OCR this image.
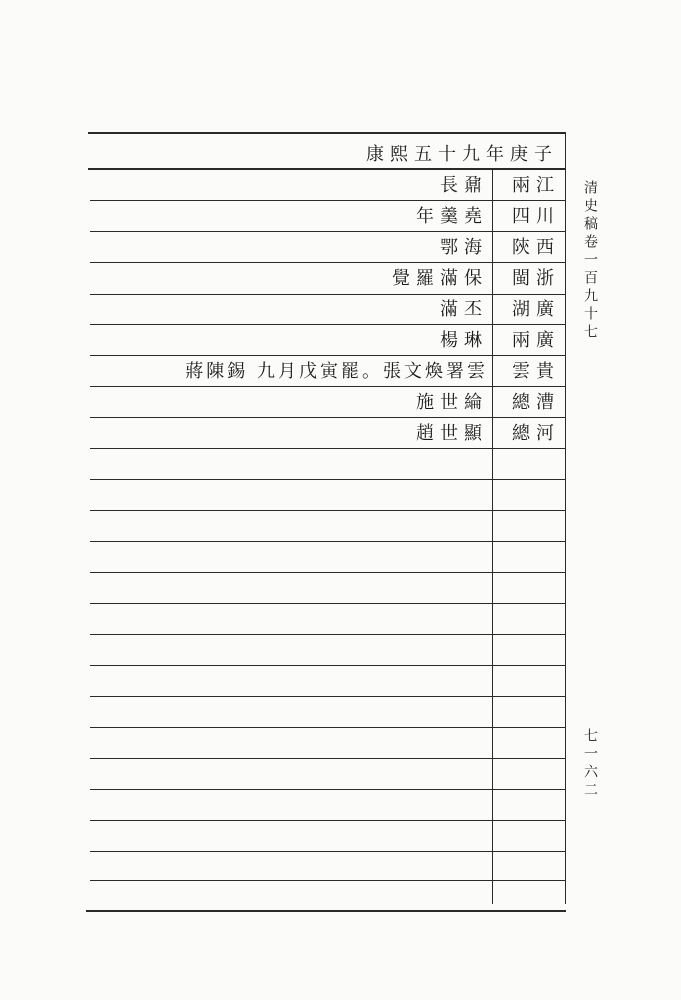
康熙五十九年庚子
兩江
長鼐
四川
年羹堯
陝西
鄂海
閩浙
覺羅滿保
湖廣
滿丕
兩廣
楊琳
雲貴
蔣陳錫 九月戊寅罷。張文煥署雲
總漕
施世綸
總河
趙世顯
清史稿卷一百九十七
七一六二
